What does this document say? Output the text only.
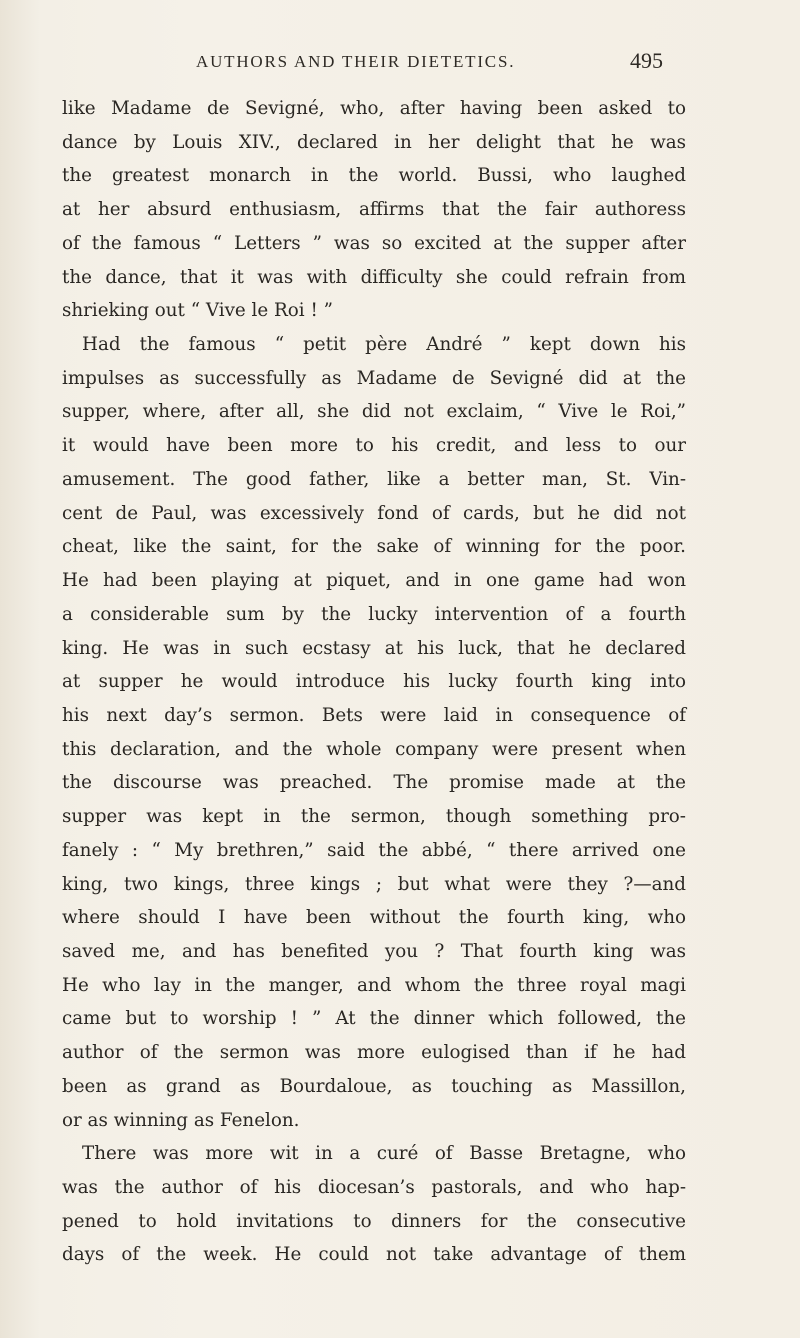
AUTHORS AND THEIR DIETETICS.	495
like Madame de Sevigné, who, after having been asked to
dance by Louis XIV., declared in her delight that he was
the greatest monarch in the world. Bussi, who laughed
at her absurd enthusiasm, affirms that the fair authoress
of the famous “ Letters ” was so excited at the supper after
the dance, that it was with difficulty she could refrain from
shrieking out “ Vive le Roi ! ”
Had the famous “ petit père André ” kept down his
impulses as successfully as Madame de Sevigné did at the
supper, where, after all, she did not exclaim, “ Vive le Roi,”
it would have been more to his credit, and less to our
amusement. The good father, like a better man, St. Vin-
cent de Paul, was excessively fond of cards, but he did not
cheat, like the saint, for the sake of winning for the poor.
He had been playing at piquet, and in one game had won
a considerable sum by the lucky intervention of a fourth
king. He was in such ecstasy at his luck, that he declared
at supper he would introduce his lucky fourth king into
his next day’s sermon. Bets were laid in consequence of
this declaration, and the whole company were present when
the discourse was preached. The promise made at the
supper was kept in the sermon, though something pro-
fanely : “ My brethren,” said the abbé, “ there arrived one
king, two kings, three kings ; but what were they ?—and
where should I have been without the fourth king, who
saved me, and has benefited you ? That fourth king was
He who lay in the manger, and whom the three royal magi
came but to worship ! ” At the dinner which followed, the
author of the sermon was more eulogised than if he had
been as grand as Bourdaloue, as touching as Massillon,
or as winning as Fenelon.
There was more wit in a curé of Basse Bretagne, who
was the author of his diocesan’s pastorals, and who hap-
pened to hold invitations to dinners for the consecutive
days of the week. He could not take advantage of them
